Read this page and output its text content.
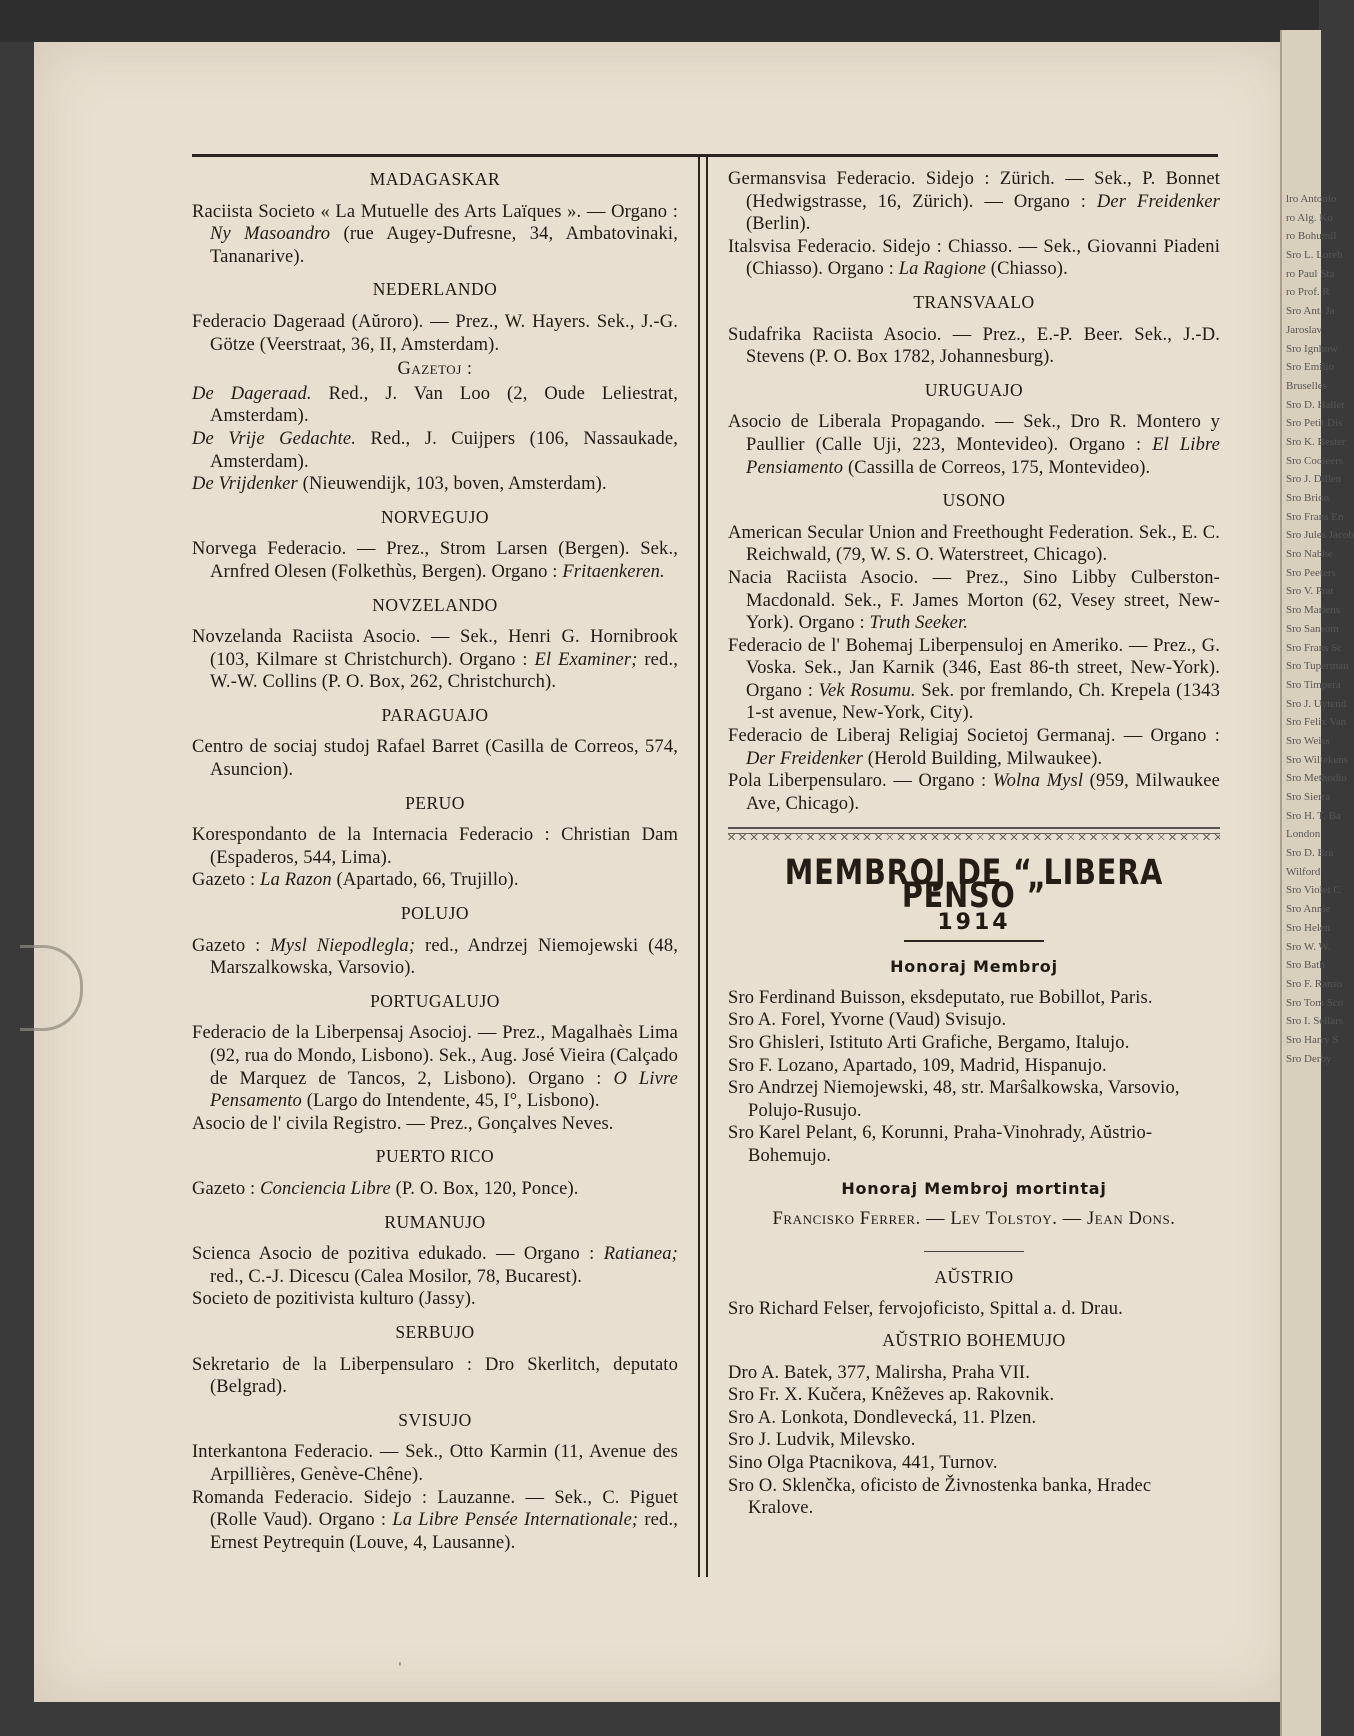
lro Antonio
ro Alg. Ko
ro Bohumil
Sro L. Loreb
ro Paul Sta
ro Prof. R
Sro Ant. Ja
Jaroslav
Sro Ignhow
Sro Emilio
Bruselles
Sro D. Hallet
Sro Petit Dis
Sro K. Bester
Sro Cooleers
Sro J. Dillen
Sro Brion
Sro Frans En
Sro Jules Jacob
Sro Nabbe
Sro Peeters
Sro V. Prat
Sro Mariens
Sro Sansom
Sro Frans Sc
Sro Tuperman
Sro Timpera
Sro J. Uytend
Sro Felix Van
Sro Weiss
Sro Willekens
Sro Methodio
Sro Sierra
Sro H. T. Ba
London
Sro D. Bra
Wilford
Sro Violet C
Sro Annie
Sro Helen
Sro W. W.
Sro Bath
Sro F. Ranso
Sro Tom Sco
Sro I. Sellars
Sro Harry S
Sro Derby
MADAGASKAR
Raciista Societo « La Mutuelle des Arts Laïques ». — Organo : Ny Masoandro (rue Augey-Dufresne, 34, Ambatovinaki, Tananarive).
NEDERLANDO
Federacio Dageraad (Aŭroro). — Prez., W. Hayers. Sek., J.-G. Götze (Veerstraat, 36, II, Amsterdam).
Gazetoj :
De Dageraad. Red., J. Van Loo (2, Oude Leliestrat, Amsterdam).
De Vrije Gedachte. Red., J. Cuijpers (106, Nassaukade, Amsterdam).
De Vrijdenker (Nieuwendijk, 103, boven, Amsterdam).
NORVEGUJO
Norvega Federacio. — Prez., Strom Larsen (Bergen). Sek., Arnfred Olesen (Folkethùs, Bergen). Organo : Fritaenkeren.
NOVZELANDO
Novzelanda Raciista Asocio. — Sek., Henri G. Hornibrook (103, Kilmare st Christchurch). Organo : El Examiner; red., W.-W. Collins (P. O. Box, 262, Christchurch).
PARAGUAJO
Centro de sociaj studoj Rafael Barret (Casilla de Correos, 574, Asuncion).
PERUO
Korespondanto de la Internacia Federacio : Christian Dam (Espaderos, 544, Lima).
Gazeto : La Razon (Apartado, 66, Trujillo).
POLUJO
Gazeto : Mysl Niepodlegla; red., Andrzej Niemojewski (48, Marszalkowska, Varsovio).
PORTUGALUJO
Federacio de la Liberpensaj Asocioj. — Prez., Magalhaès Lima (92, rua do Mondo, Lisbono). Sek., Aug. José Vieira (Calçado de Marquez de Tancos, 2, Lisbono). Organo : O Livre Pensamento (Largo do Intendente, 45, I°, Lisbono).
Asocio de l' civila Registro. — Prez., Gonçalves Neves.
PUERTO RICO
Gazeto : Conciencia Libre (P. O. Box, 120, Ponce).
RUMANUJO
Scienca Asocio de pozitiva edukado. — Organo : Ratianea; red., C.-J. Dicescu (Calea Mosilor, 78, Bucarest).
Societo de pozitivista kulturo (Jassy).
SERBUJO
Sekretario de la Liberpensularo : Dro Skerlitch, deputato (Belgrad).
SVISUJO
Interkantona Federacio. — Sek., Otto Karmin (11, Avenue des Arpillières, Genève-Chêne).
Romanda Federacio. Sidejo : Lauzanne. — Sek., C. Piguet (Rolle Vaud). Organo : La Libre Pensée Internationale; red., Ernest Peytrequin (Louve, 4, Lausanne).
Germansvisa Federacio. Sidejo : Zürich. — Sek., P. Bonnet (Hedwigstrasse, 16, Zürich). — Organo : Der Freidenker (Berlin).
Italsvisa Federacio. Sidejo : Chiasso. — Sek., Giovanni Piadeni (Chiasso). Organo : La Ragione (Chiasso).
TRANSVAALO
Sudafrika Raciista Asocio. — Prez., E.-P. Beer. Sek., J.-D. Stevens (P. O. Box 1782, Johannesburg).
URUGUAJO
Asocio de Liberala Propagando. — Sek., Dro R. Montero y Paullier (Calle Uji, 223, Montevideo). Organo : El Libre Pensiamento (Cassilla de Correos, 175, Montevideo).
USONO
American Secular Union and Freethought Federation. Sek., E. C. Reichwald, (79, W. S. O. Waterstreet, Chicago).
Nacia Raciista Asocio. — Prez., Sino Libby Culberston-Macdonald. Sek., F. James Morton (62, Vesey street, New-York). Organo : Truth Seeker.
Federacio de l' Bohemaj Liberpensuloj en Ameriko. — Prez., G. Voska. Sek., Jan Karnik (346, East 86-th street, New-York). Organo : Vek Rosumu. Sek. por fremlando, Ch. Krepela (1343 1-st avenue, New-York, City).
Federacio de Liberaj Religiaj Societoj Germanaj. — Organo : Der Freidenker (Herold Building, Milwaukee).
Pola Liberpensularo. — Organo : Wolna Mysl (959, Milwaukee Ave, Chicago).
MEMBROJ DE “ LIBERA PENSO ”
1914
Honoraj Membroj
Sro Ferdinand Buisson, eksdeputato, rue Bobillot, Paris.
Sro A. Forel, Yvorne (Vaud) Svisujo.
Sro Ghisleri, Istituto Arti Grafiche, Bergamo, Italujo.
Sro F. Lozano, Apartado, 109, Madrid, Hispanujo.
Sro Andrzej Niemojewski, 48, str. Marŝalkowska, Varsovio, Polujo-Rusujo.
Sro Karel Pelant, 6, Korunni, Praha-Vinohrady, Aŭstrio-Bohemujo.
Honoraj Membroj mortintaj
Francisko Ferrer. — Lev Tolstoy. — Jean Dons.
AŬSTRIO
Sro Richard Felser, fervojoficisto, Spittal a. d. Drau.
AŬSTRIO BOHEMUJO
Dro A. Batek, 377, Malirsha, Praha VII.
Sro Fr. X. Kučera, Knêževes ap. Rakovnik.
Sro A. Lonkota, Dondlevecká, 11. Plzen.
Sro J. Ludvik, Milevsko.
Sino Olga Ptacnikova, 441, Turnov.
Sro O. Sklenčka, oficisto de Živnostenka banka, Hradec Kralove.
ˌ
